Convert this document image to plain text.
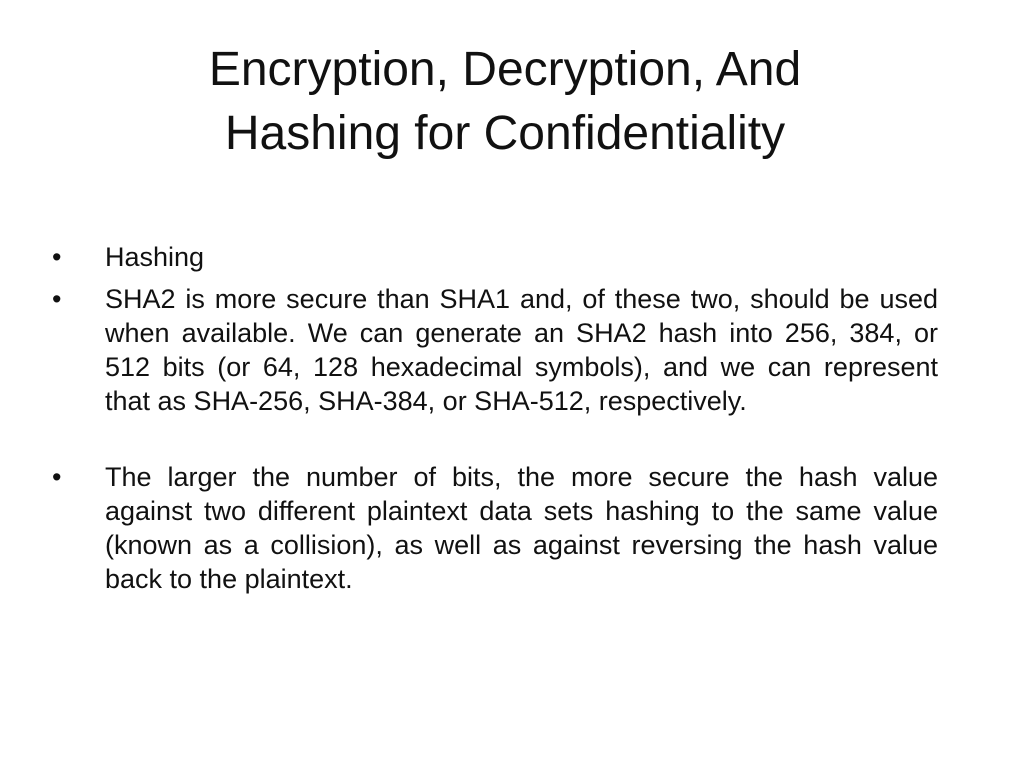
Encryption, Decryption, And
Hashing for Confidentiality
•	Hashing
•	SHA2 is more secure than SHA1 and, of these two, should be used when available. We can generate an SHA2 hash into 256, 384, or 512 bits (or 64, 128 hexadecimal symbols), and we can represent that as SHA-256, SHA-384, or SHA-512, respectively.
•	The larger the number of bits, the more secure the hash value against two different plaintext data sets hashing to the same value (known as a collision), as well as against reversing the hash value back to the plaintext.
